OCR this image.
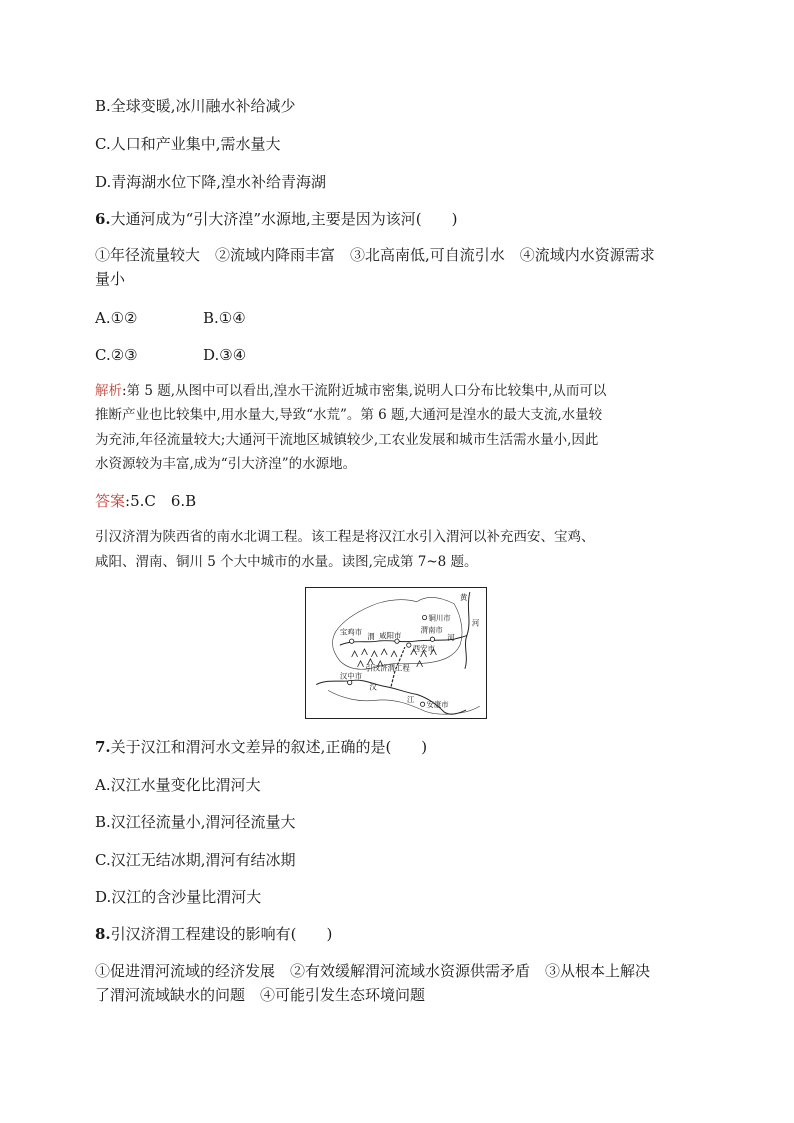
B.全球变暖,冰川融水补给减少
C.人口和产业集中,需水量大
D.青海湖水位下降,湟水补给青海湖
6.大通河成为“引大济湟”水源地,主要是因为该河(　　)
①年径流量较大　②流域内降雨丰富　③北高南低,可自流引水　④流域内水资源需求
量小
A.①②	B.①④
C.②③	D.③④
解析:第 5 题,从图中可以看出,湟水干流附近城市密集,说明人口分布比较集中,从而可以
推断产业也比较集中,用水量大,导致“水荒”。第 6 题,大通河是湟水的最大支流,水量较
为充沛,年径流量较大;大通河干流地区城镇较少,工农业发展和城市生活需水量小,因此
水资源较为丰富,成为“引大济湟”的水源地。
答案:5.C　6.B
引汉济渭为陕西省的南水北调工程。该工程是将汉江水引入渭河以补充西安、宝鸡、
咸阳、渭南、铜川 5 个大中城市的水量。读图,完成第 7~8 题。
铜川市
渭南市
宝鸡市
渭 咸阳市	河
西安市
黄
河
引汉济渭工程
汉中市
汉
江
安康市
7.关于汉江和渭河水文差异的叙述,正确的是(　　)
A.汉江水量变化比渭河大
B.汉江径流量小,渭河径流量大
C.汉江无结冰期,渭河有结冰期
D.汉江的含沙量比渭河大
8.引汉济渭工程建设的影响有(　　)
①促进渭河流域的经济发展　②有效缓解渭河流域水资源供需矛盾　③从根本上解决
了渭河流域缺水的问题　④可能引发生态环境问题
